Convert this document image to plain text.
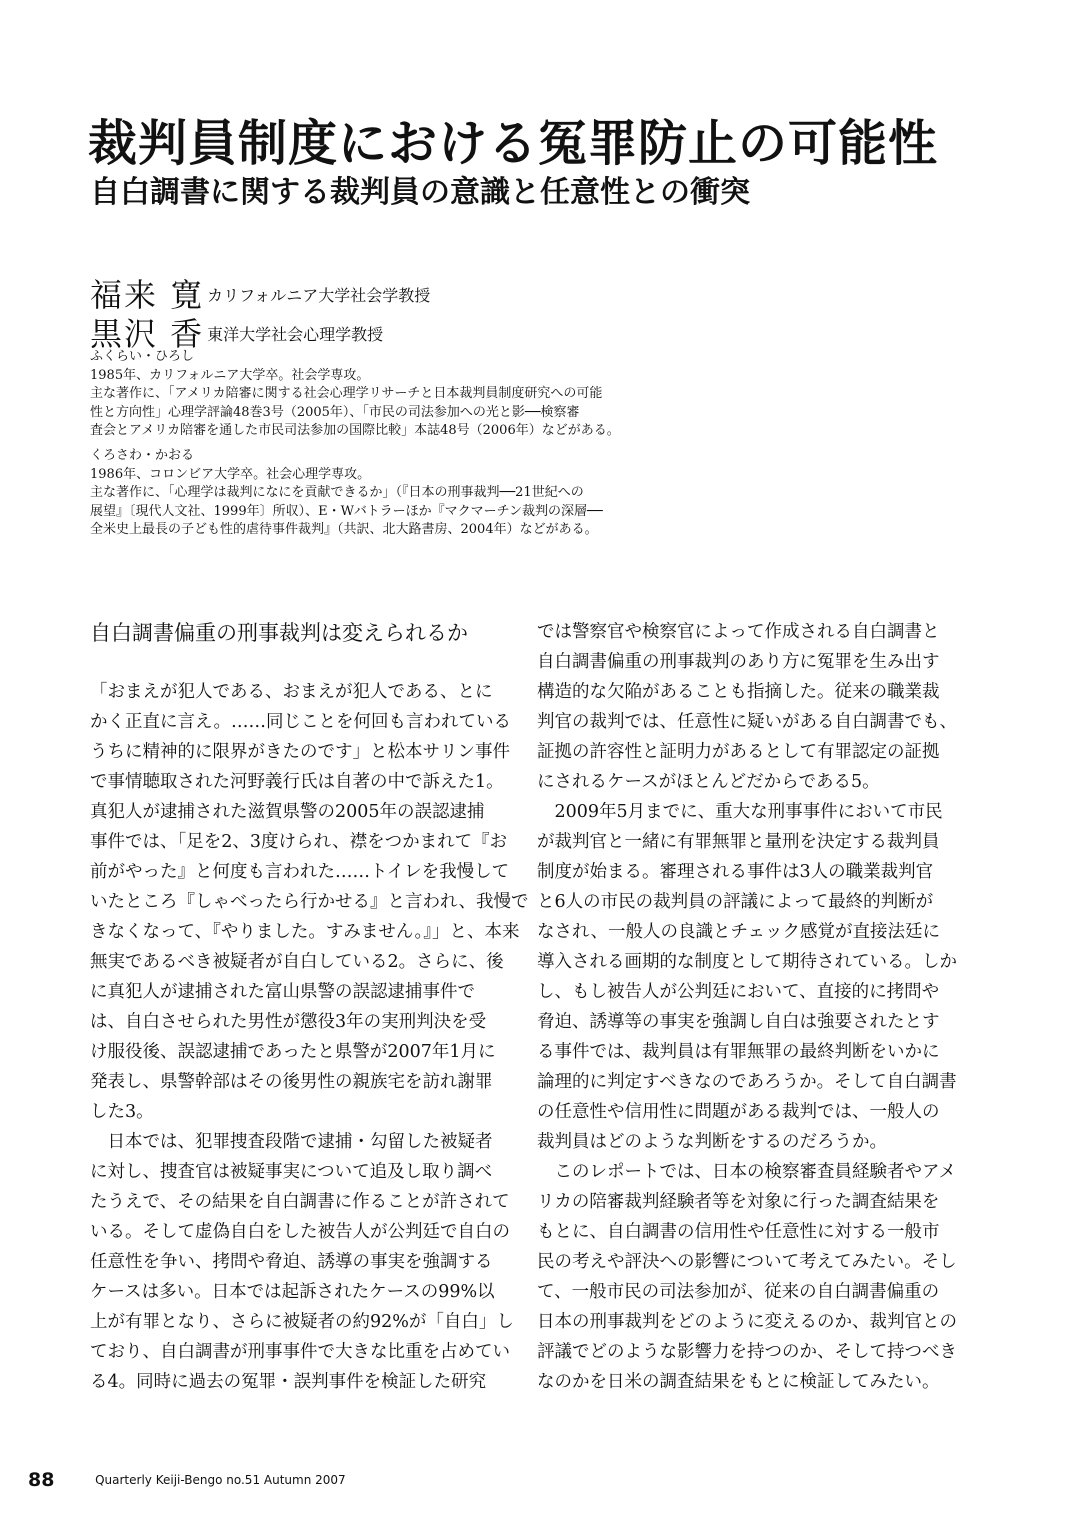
裁判員制度における冤罪防止の可能性
自白調書に関する裁判員の意識と任意性との衝突
福来 寛 カリフォルニア大学社会学教授
黒沢 香 東洋大学社会心理学教授

ふくらい・ひろし

1985年、カリフォルニア大学卒。社会学専攻。

主な著作に、「アメリカ陪審に関する社会心理学リサーチと日本裁判員制度研究への可能

性と方向性」心理学評論48巻3号（2005年）、「市民の司法参加への光と影──検察審

査会とアメリカ陪審を通した市民司法参加の国際比較」本誌48号（2006年）などがある。

くろさわ・かおる

1986年、コロンビア大学卒。社会心理学専攻。

主な著作に、「心理学は裁判になにを貢献できるか」（『日本の刑事裁判──21世紀への

展望』〔現代人文社、1999年〕所収）、E・Wバトラーほか『マクマーチン裁判の深層──

全米史上最長の子ども性的虐待事件裁判』（共訳、北大路書房、2004年）などがある。

自白調書偏重の刑事裁判は変えられるか

「おまえが犯人である、おまえが犯人である、とに

かく正直に言え。……同じことを何回も言われている

うちに精神的に限界がきたのです」と松本サリン事件

で事情聴取された河野義行氏は自著の中で訴えた1。

真犯人が逮捕された滋賀県警の2005年の誤認逮捕

事件では、「足を2、3度けられ、襟をつかまれて『お

前がやった』と何度も言われた……トイレを我慢して

いたところ『しゃべったら行かせる』と言われ、我慢で

きなくなって、『やりました。すみません。』」と、本来

無実であるべき被疑者が自白している2。さらに、後

に真犯人が逮捕された富山県警の誤認逮捕事件で

は、自白させられた男性が懲役3年の実刑判決を受

け服役後、誤認逮捕であったと県警が2007年1月に

発表し、県警幹部はその後男性の親族宅を訪れ謝罪

した3。

　日本では、犯罪捜査段階で逮捕・勾留した被疑者

に対し、捜査官は被疑事実について追及し取り調べ

たうえで、その結果を自白調書に作ることが許されて

いる。そして虚偽自白をした被告人が公判廷で自白の

任意性を争い、拷問や脅迫、誘導の事実を強調する

ケースは多い。日本では起訴されたケースの99%以

上が有罪となり、さらに被疑者の約92%が「自白」し

ており、自白調書が刑事事件で大きな比重を占めてい

る4。同時に過去の冤罪・誤判事件を検証した研究

では警察官や検察官によって作成される自白調書と

自白調書偏重の刑事裁判のあり方に冤罪を生み出す

構造的な欠陥があることも指摘した。従来の職業裁

判官の裁判では、任意性に疑いがある自白調書でも、

証拠の許容性と証明力があるとして有罪認定の証拠

にされるケースがほとんどだからである5。

　2009年5月までに、重大な刑事事件において市民

が裁判官と一緒に有罪無罪と量刑を決定する裁判員

制度が始まる。審理される事件は3人の職業裁判官

と6人の市民の裁判員の評議によって最終的判断が

なされ、一般人の良識とチェック感覚が直接法廷に

導入される画期的な制度として期待されている。しか

し、もし被告人が公判廷において、直接的に拷問や

脅迫、誘導等の事実を強調し自白は強要されたとす

る事件では、裁判員は有罪無罪の最終判断をいかに

論理的に判定すべきなのであろうか。そして自白調書

の任意性や信用性に問題がある裁判では、一般人の

裁判員はどのような判断をするのだろうか。

　このレポートでは、日本の検察審査員経験者やアメ

リカの陪審裁判経験者等を対象に行った調査結果を

もとに、自白調書の信用性や任意性に対する一般市

民の考えや評決への影響について考えてみたい。そし

て、一般市民の司法参加が、従来の自白調書偏重の

日本の刑事裁判をどのように変えるのか、裁判官との

評議でどのような影響力を持つのか、そして持つべき

なのかを日米の調査結果をもとに検証してみたい。

88	Quarterly Keiji-Bengo no.51 Autumn 2007
